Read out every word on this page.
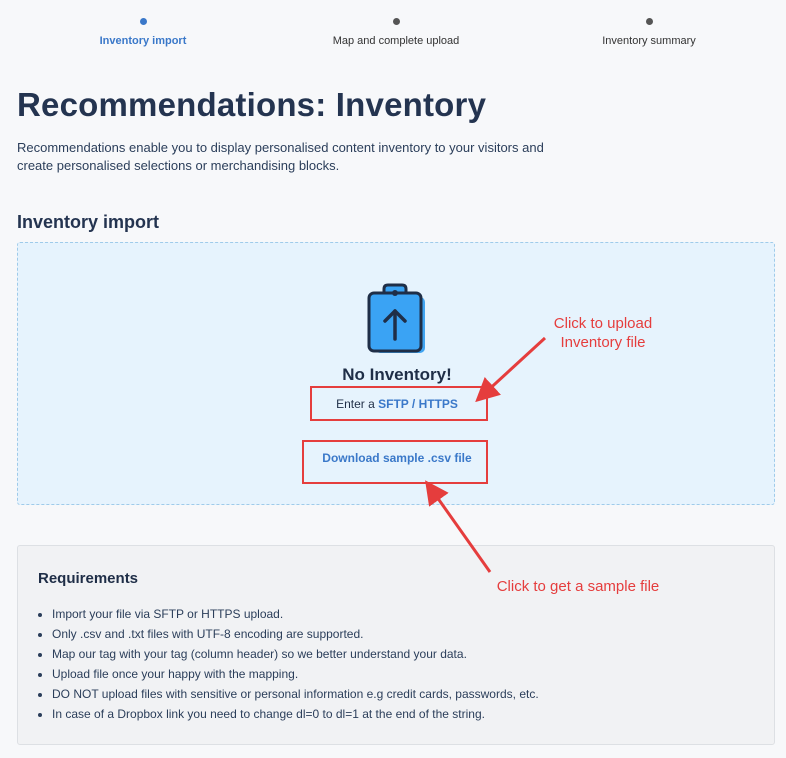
Inventory import	Map and complete upload	Inventory summary
Recommendations: Inventory

Recommendations enable you to display personalised content inventory to your visitors and create personalised selections or merchandising blocks.

Inventory import
No Inventory!
Enter a SFTP / HTTPS
Download sample .csv file
Click to upload Inventory file
Requirements
• Import your file via SFTP or HTTPS upload.
• Only .csv and .txt files with UTF-8 encoding are supported.
• Map our tag with your tag (column header) so we better understand your data.
• Upload file once your happy with the mapping.
• DO NOT upload files with sensitive or personal information e.g credit cards, passwords, etc.
• In case of a Dropbox link you need to change dl=0 to dl=1 at the end of the string.
Click to get a sample file
